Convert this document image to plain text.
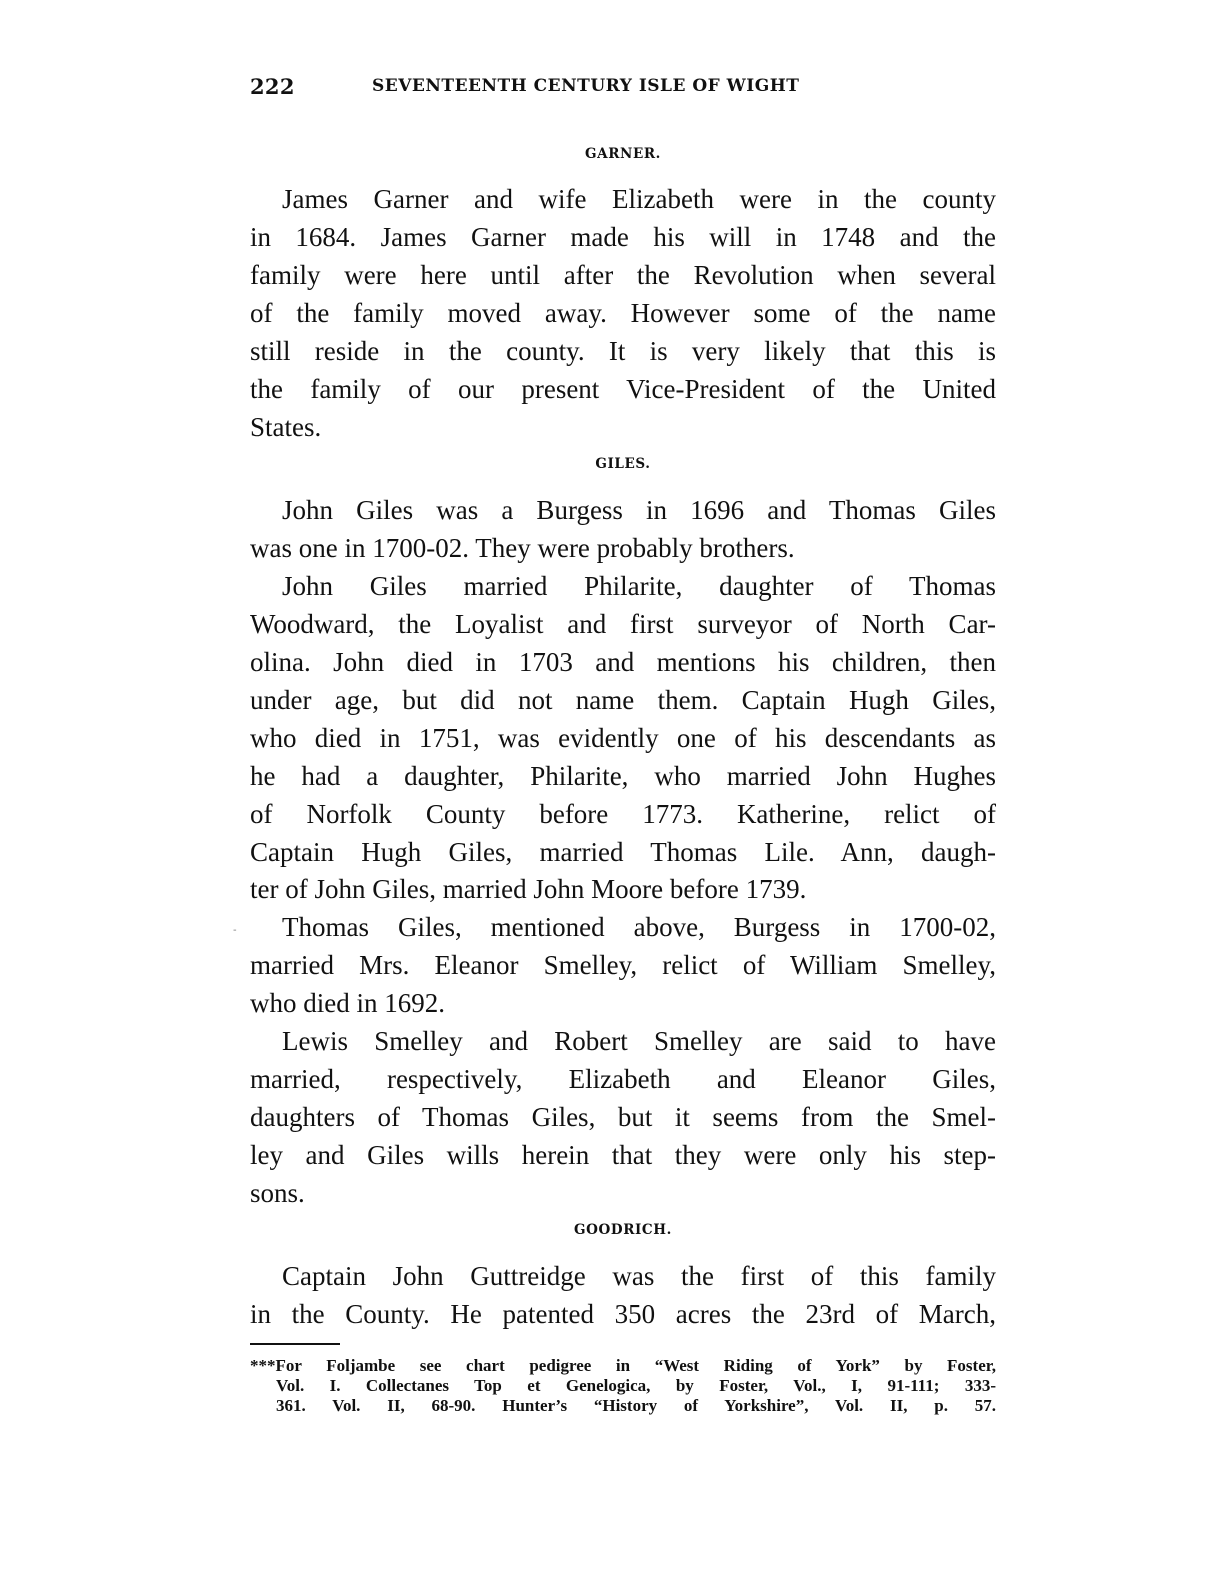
222	SEVENTEENTH CENTURY ISLE OF WIGHT
GARNER.
James Garner and wife Elizabeth were in the county
in 1684. James Garner made his will in 1748 and the
family were here until after the Revolution when several
of the family moved away. However some of the name
still reside in the county. It is very likely that this is
the family of our present Vice-President of the United
States.
GILES.
John Giles was a Burgess in 1696 and Thomas Giles
was one in 1700-02. They were probably brothers.
John Giles married Philarite, daughter of Thomas
Woodward, the Loyalist and first surveyor of North Car-
olina. John died in 1703 and mentions his children, then
under age, but did not name them. Captain Hugh Giles,
who died in 1751, was evidently one of his descendants as
he had a daughter, Philarite, who married John Hughes
of Norfolk County before 1773. Katherine, relict of
Captain Hugh Giles, married Thomas Lile. Ann, daugh-
ter of John Giles, married John Moore before 1739.
Thomas Giles, mentioned above, Burgess in 1700-02,
married Mrs. Eleanor Smelley, relict of William Smelley,
who died in 1692.
Lewis Smelley and Robert Smelley are said to have
married, respectively, Elizabeth and Eleanor Giles,
daughters of Thomas Giles, but it seems from the Smel-
ley and Giles wills herein that they were only his step-
sons.
GOODRICH.
Captain John Guttreidge was the first of this family
in the County. He patented 350 acres the 23rd of March,
***For Foljambe see chart pedigree in “West Riding of York” by Foster,
Vol. I. Collectanes Top et Genelogica, by Foster, Vol., I, 91-111; 333-
361. Vol. II, 68-90. Hunter’s “History of Yorkshire”, Vol. II, p. 57.
-
